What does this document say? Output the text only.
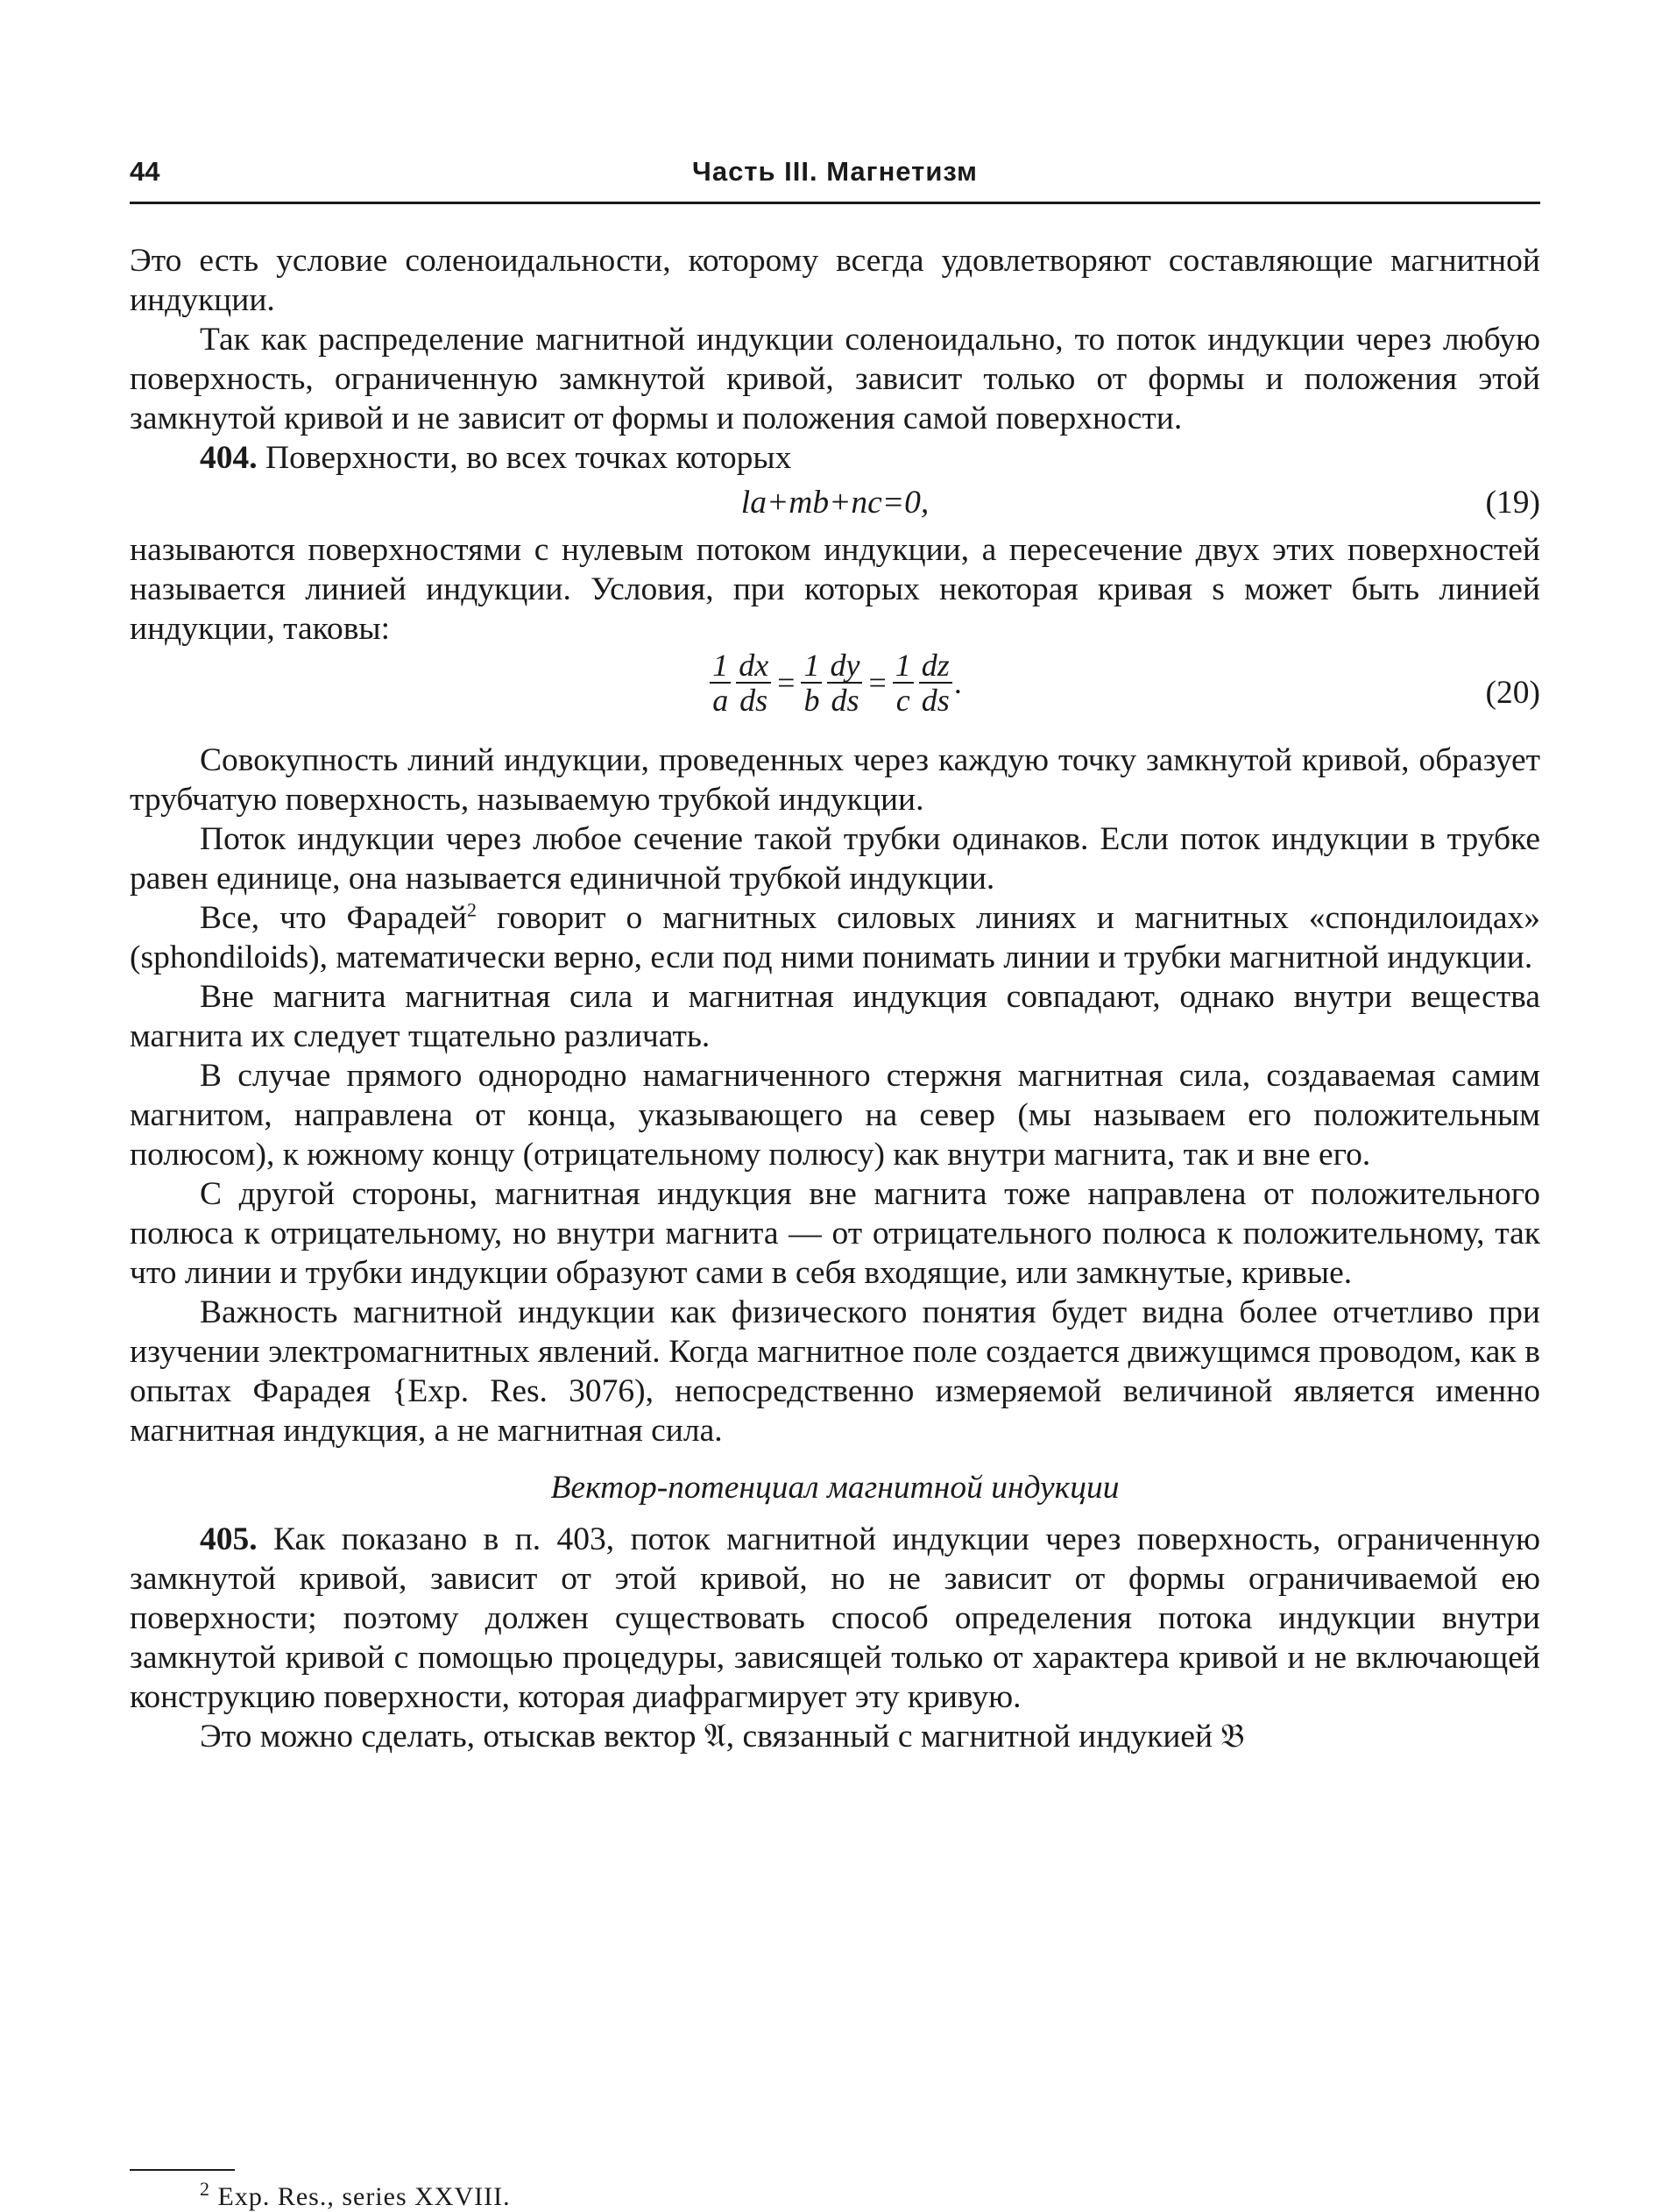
44	Часть III. Магнетизм

Это есть условие соленоидальности, которому всегда удовлетворяют составляющие магнитной индукции.

Так как распределение магнитной индукции соленоидально, то поток индукции через любую поверхность, ограниченную замкнутой кривой, зависит только от формы и положения этой замкнутой кривой и не зависит от формы и положения самой поверхности.

404. Поверхности, во всех точках которых

la+mb+nc=0,	(19)

называются поверхностями с нулевым потоком индукции, а пересечение двух этих поверхностей называется линией индукции. Условия, при которых некоторая кривая s может быть линией индукции, таковы:

$\frac{1}{a} \frac{dx}{ds} = \frac{1}{b} \frac{dy}{ds} = \frac{1}{c} \frac{dz}{ds}$ .	(20)

Совокупность линий индукции, проведенных через каждую точку замкнутой кривой, образует трубчатую поверхность, называемую трубкой индукции.

Поток индукции через любое сечение такой трубки одинаков. Если поток индукции в трубке равен единице, она называется единичной трубкой индукции.

Все, что Фарадей$^2$ говорит о магнитных силовых линиях и магнитных «спондилоидах» (sphondiloids), математически верно, если под ними понимать линии и трубки магнитной индукции.

Вне магнита магнитная сила и магнитная индукция совпадают, однако внутри вещества магнита их следует тщательно различать.

В случае прямого однородно намагниченного стержня магнитная сила, создаваемая самим магнитом, направлена от конца, указывающего на север (мы называем его положительным полюсом), к южному концу (отрицательному полюсу) как внутри магнита, так и вне его.

С другой стороны, магнитная индукция вне магнита тоже направлена от положительного полюса к отрицательному, но внутри магнита — от отрицательного полюса к положительному, так что линии и трубки индукции образуют сами в себя входящие, или замкнутые, кривые.

Важность магнитной индукции как физического понятия будет видна более отчетливо при изучении электромагнитных явлений. Когда магнитное поле создается движущимся проводом, как в опытах Фарадея {Exp. Res. 3076), непосредственно измеряемой величиной является именно магнитная индукция, а не магнитная сила.

Вектор-потенциал магнитной индукции

405. Как показано в п. 403, поток магнитной индукции через поверхность, ограниченную замкнутой кривой, зависит от этой кривой, но не зависит от формы ограничиваемой ею поверхности; поэтому должен существовать способ определения потока индукции внутри замкнутой кривой с помощью процедуры, зависящей только от характера кривой и не включающей конструкцию поверхности, которая диафрагмирует эту кривую.

Это можно сделать, отыскав вектор 𝔄, связанный с магнитной индукией 𝔅

$^2$ Exp. Res., series XXVIII.
